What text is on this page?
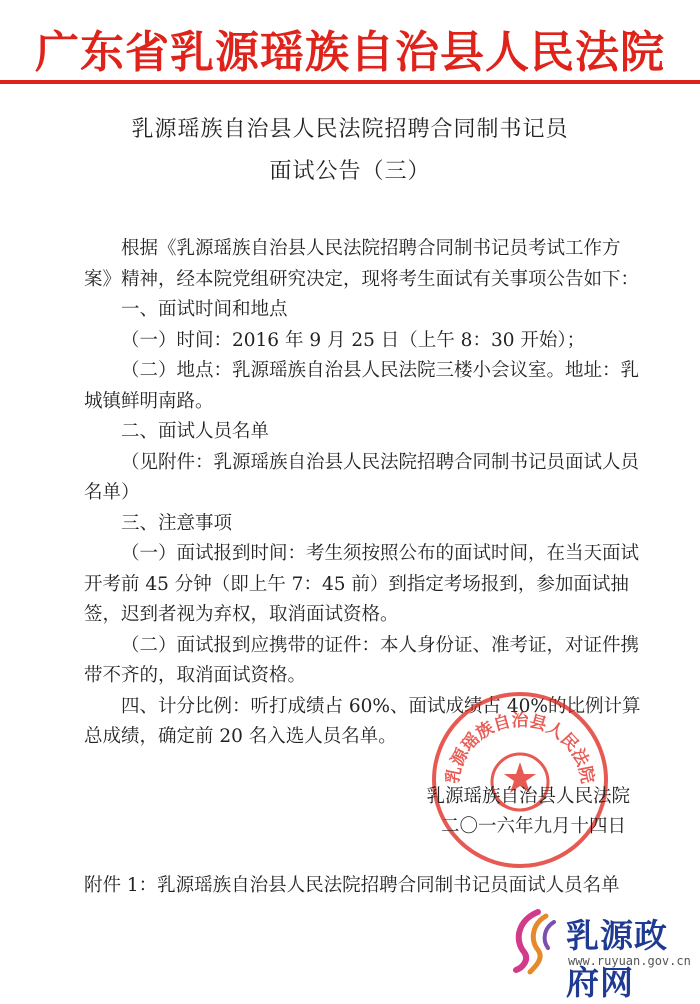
广东省乳源瑶族自治县人民法院
乳源瑶族自治县人民法院招聘合同制书记员
面试公告（三）

根据《乳源瑶族自治县人民法院招聘合同制书记员考试工作方案》精神，经本院党组研究决定，现将考生面试有关事项公告如下：

一、面试时间和地点

（一）时间：2016 年 9 月 25 日（上午 8：30 开始）；

（二）地点：乳源瑶族自治县人民法院三楼小会议室。地址：乳城镇鲜明南路。

二、面试人员名单

（见附件：乳源瑶族自治县人民法院招聘合同制书记员面试人员名单）

三、注意事项

（一）面试报到时间：考生须按照公布的面试时间，在当天面试开考前 45 分钟（即上午 7：45 前）到指定考场报到，参加面试抽签，迟到者视为弃权，取消面试资格。

（二）面试报到应携带的证件：本人身份证、准考证，对证件携带不齐的，取消面试资格。

四、计分比例：听打成绩占 60%、面试成绩占 40%的比例计算总成绩，确定前 20 名入选人员名单。

乳源瑶族自治县人民法院
乳源瑶族自治县人民法院
二〇一六年九月十四日
附件 1： 乳源瑶族自治县人民法院招聘合同制书记员面试人员名单
乳源政府网
www.ruyuan.gov.cn
